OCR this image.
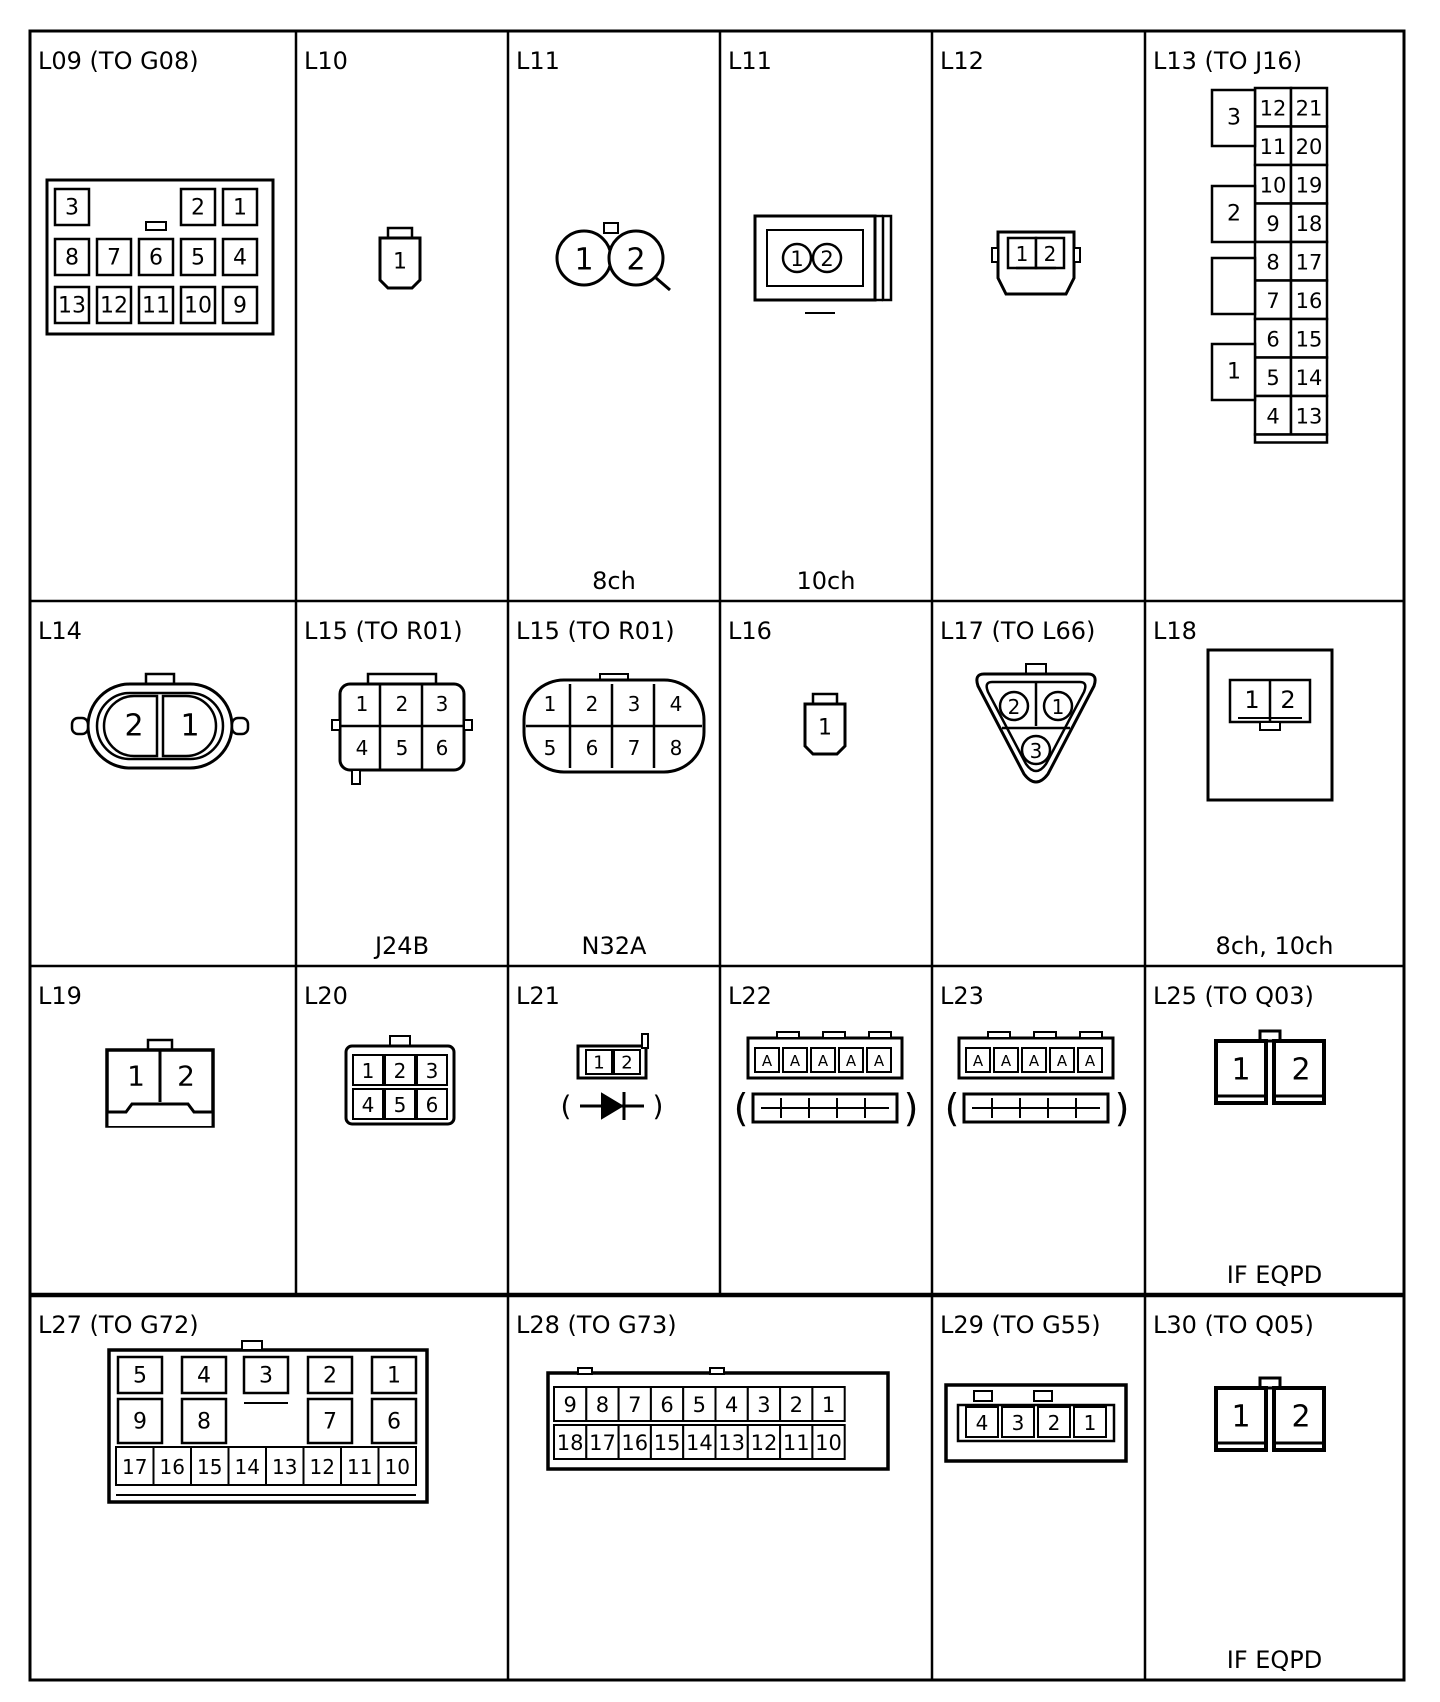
L09 (TO G08)
3	2 1
8 7 6 5 4
13 12 11 10 9
L10
1
L11
8ch
1 2
L11
10ch
1 2
L12
1 2
L13 (TO J16)
12 21
11 20
10 19
9 18
8 17
7 16
6 15
5 14
4 13
3
2
1
L14
2 1
L15 (TO R01)
J24B
1 2 3
4 5 6
L15 (TO R01)
N32A
1 2 3 4
5 6 7 8
L16
1
L17 (TO L66)
2 1
3
L18
8ch, 10ch
1 2
L19
1 2
L20
1 2 3
4 5 6
L21
1 2
(	)
L22
A A A A A
(	)
L23
A A A A A
(	)
L25 (TO Q03)
IF EQPD
1 2
L27 (TO G72)
5 4 3 2 1
9 8	7 6
17 16 15 14 13 12 11 10
L28 (TO G73)
9 8 7 6 5 4 3 2 1
18 17 16 15 14 13 12 11 10
L29 (TO G55)
4 3 2 1
L30 (TO Q05)
IF EQPD
1 2
